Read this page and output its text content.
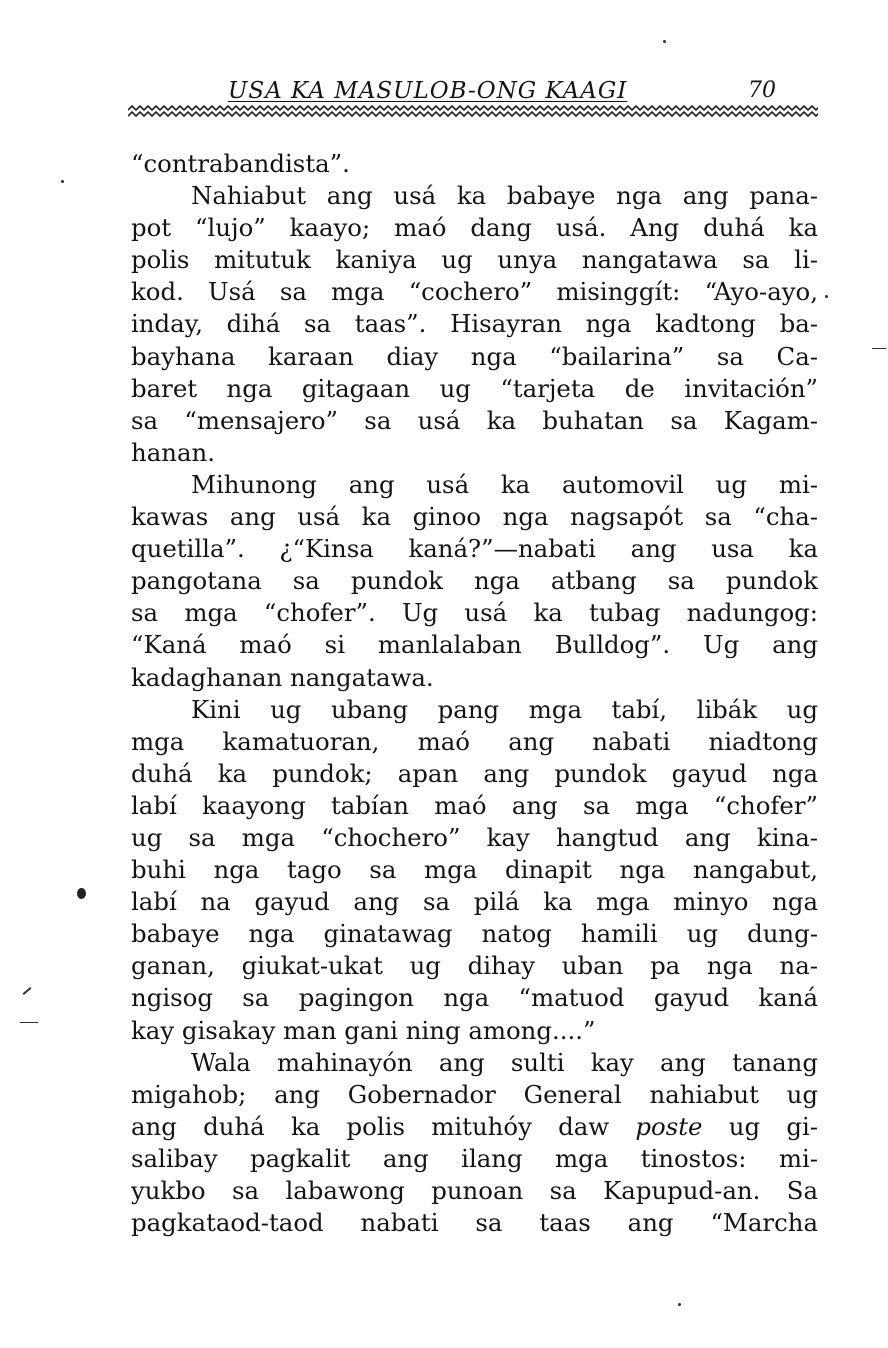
USA KA MASULOB-ONG KAAGI	70
“contrabandista”.
Nahiabut ang usá ka babaye nga ang pana-
pot “lujo” kaayo; maó dang usá. Ang duhá ka
polis mitutuk kaniya ug unya nangatawa sa li-
kod. Usá sa mga “cochero” misinggít: “Ayo-ayo,
inday, dihá sa taas”. Hisayran nga kadtong ba-
bayhana karaan diay nga “bailarina” sa Ca-
baret nga gitagaan ug “tarjeta de invitación”
sa “mensajero” sa usá ka buhatan sa Kagam-
hanan.
Mihunong ang usá ka automovil ug mi-
kawas ang usá ka ginoo nga nagsapót sa “cha-
quetilla”. ¿“Kinsa kaná?”—nabati ang usa ka
pangotana sa pundok nga atbang sa pundok
sa mga “chofer”. Ug usá ka tubag nadungog:
“Kaná maó si manlalaban Bulldog”. Ug ang
kadaghanan nangatawa.
Kini ug ubang pang mga tabí, libák ug
mga kamatuoran, maó ang nabati niadtong
duhá ka pundok; apan ang pundok gayud nga
labí kaayong tabían maó ang sa mga “chofer”
ug sa mga “chochero” kay hangtud ang kina-
buhi nga tago sa mga dinapit nga nangabut,
labí na gayud ang sa pilá ka mga minyo nga
babaye nga ginatawag natog hamili ug dung-
ganan, giukat-ukat ug dihay uban pa nga na-
ngisog sa pagingon nga “matuod gayud kaná
kay gisakay man gani ning among....”
Wala mahinayón ang sulti kay ang tanang
migahob; ang Gobernador General nahiabut ug
ang duhá ka polis mituhóy daw poste ug gi-
salibay pagkalit ang ilang mga tinostos: mi-
yukbo sa labawong punoan sa Kapupud-an. Sa
pagkataod-taod nabati sa taas ang “Marcha
